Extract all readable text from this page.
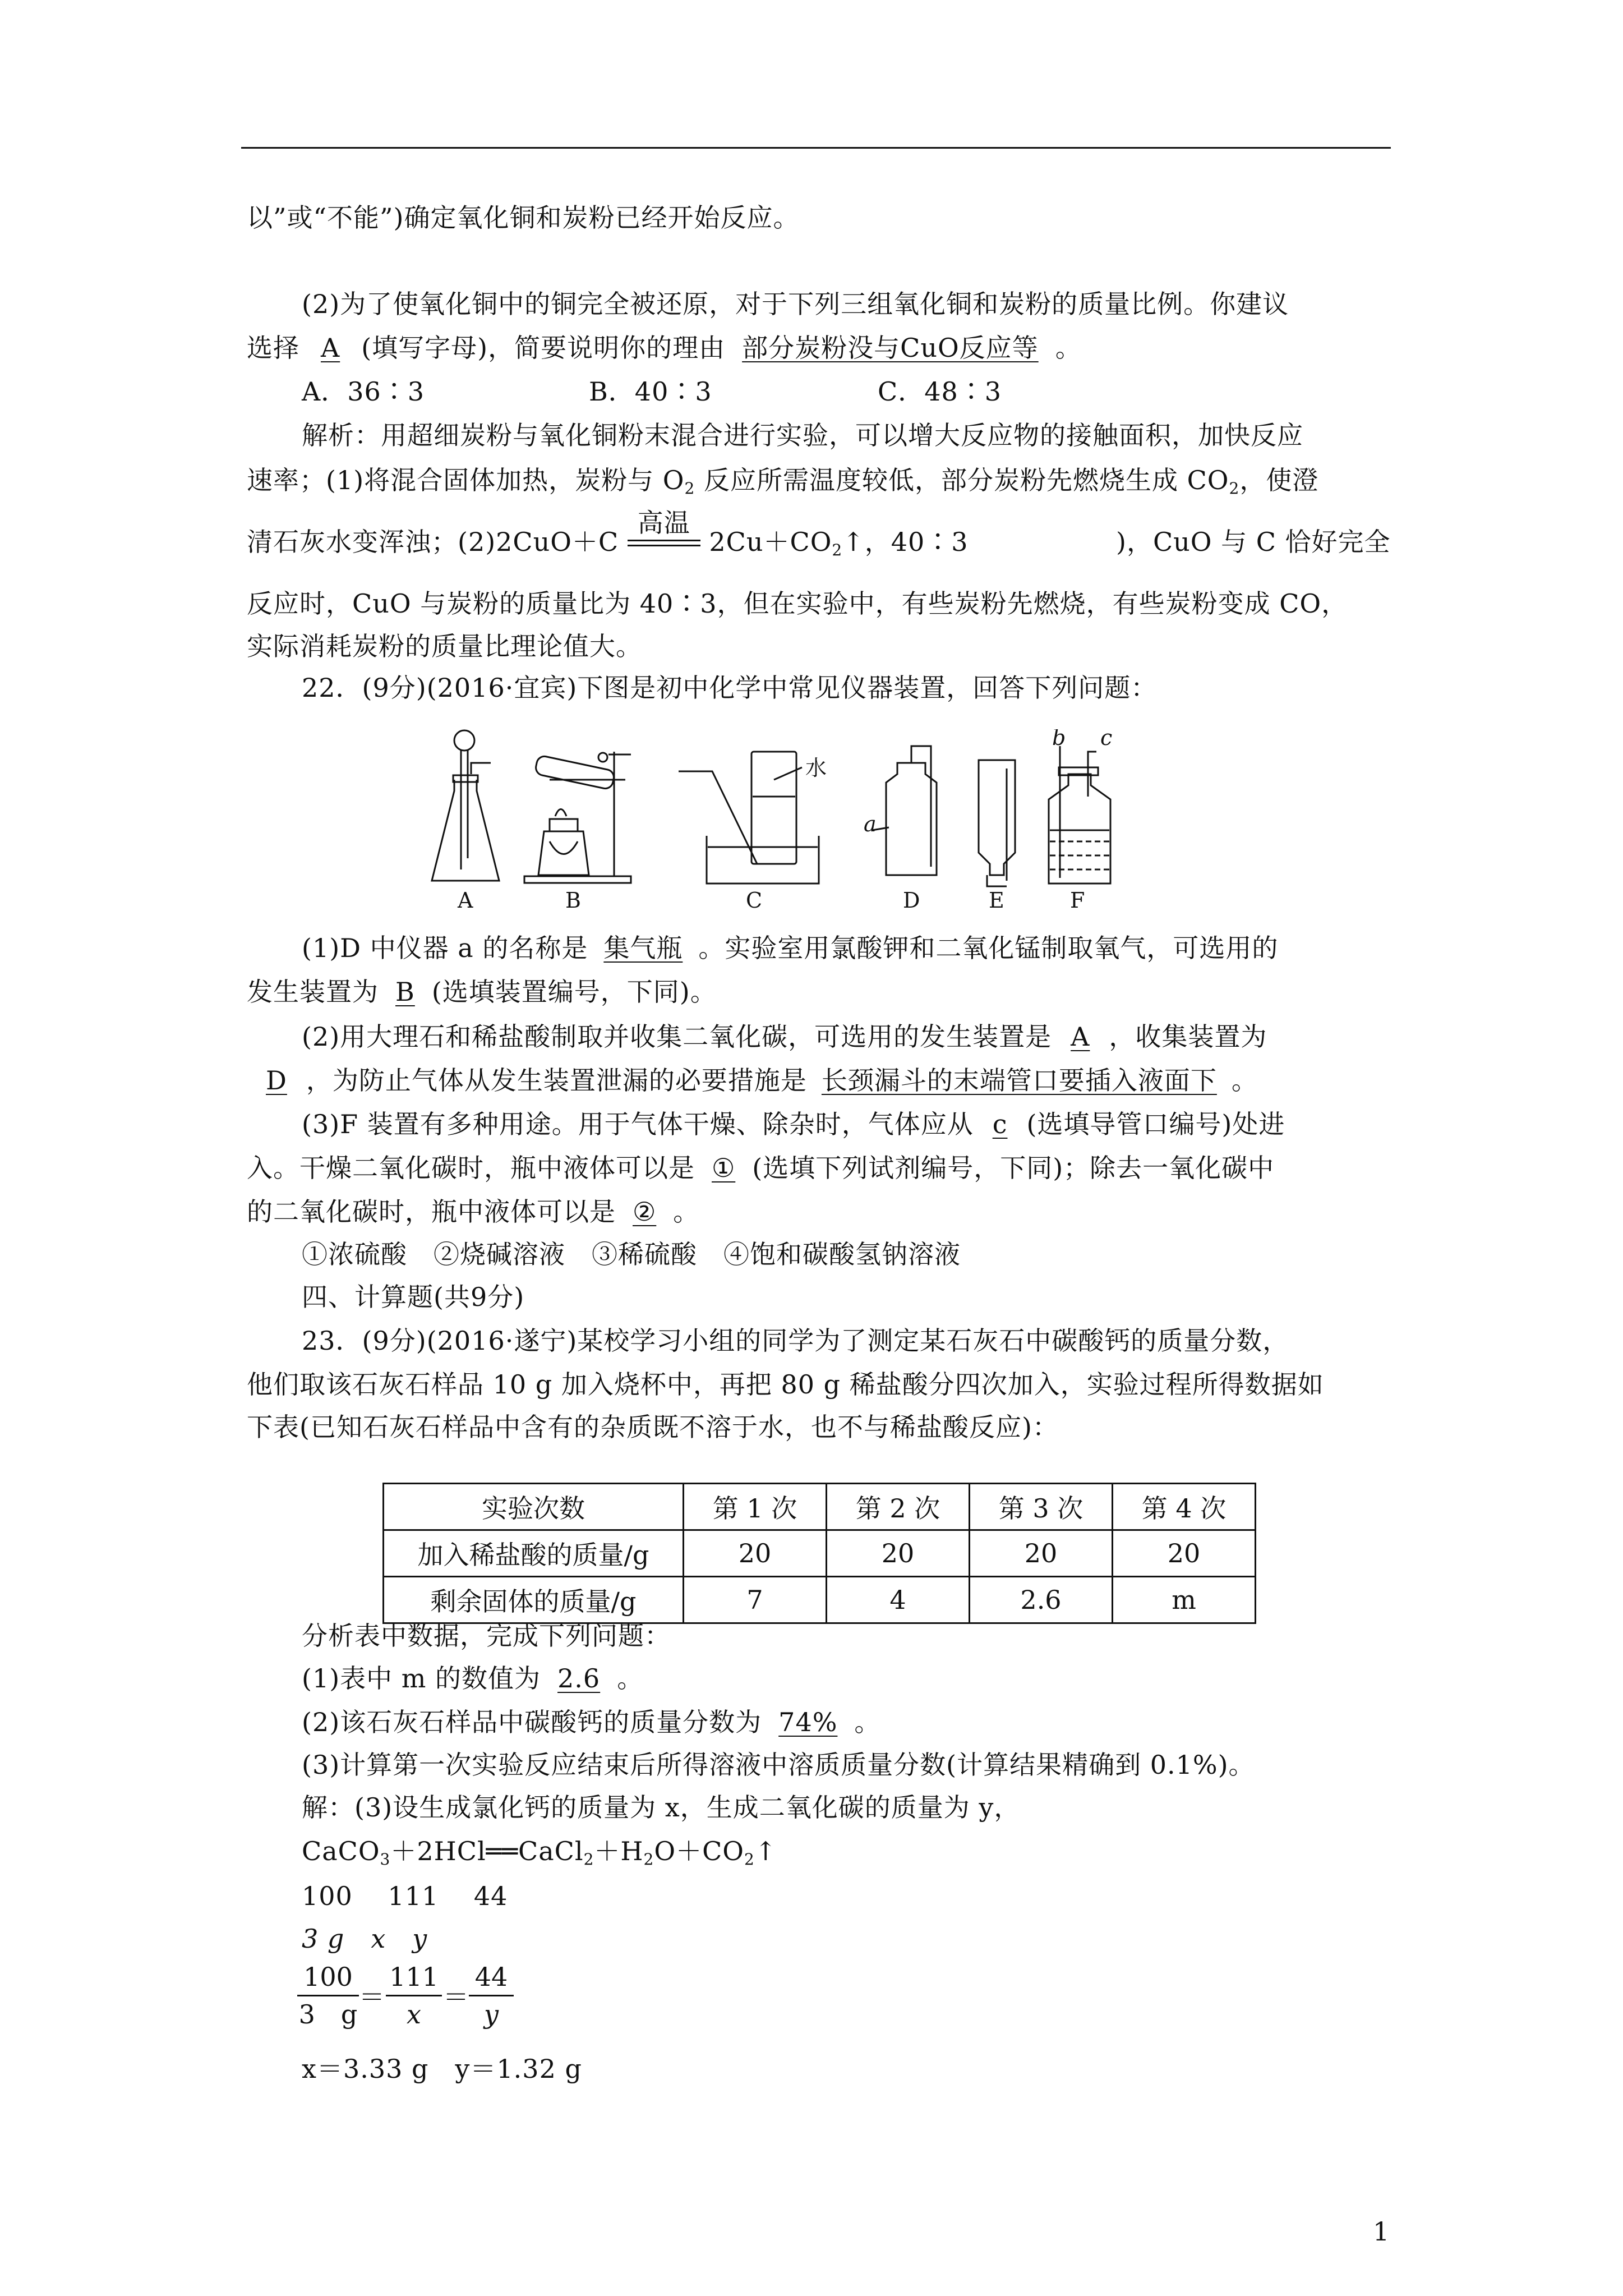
以”或“不能”)确定氧化铜和炭粉已经开始反应。
(2)为了使氧化铜中的铜完全被还原，对于下列三组氧化铜和炭粉的质量比例。你建议
选择 A (填写字母)，简要说明你的理由 部分炭粉没与CuO反应等 。
A．36∶3	B．40∶3	C．48∶3
解析：用超细炭粉与氧化铜粉末混合进行实验，可以增大反应物的接触面积，加快反应
速率；(1)将混合固体加热，炭粉与 $O_2$ 反应所需温度较低，部分炭粉先燃烧生成 $CO_2$，使澄
清石灰水变浑浊；(2)2CuO＋C
高温
$2Cu+CO_2↑$，40∶3	)，CuO 与 C 恰好完全
反应时，CuO 与炭粉的质量比为 40∶3，但在实验中，有些炭粉先燃烧，有些炭粉变成 CO，
实际消耗炭粉的质量比理论值大。
22．(9分)(2016·宜宾)下图是初中化学中常见仪器装置，回答下列问题：
A	B	C	D	E	F
水
a
b c
(1)D 中仪器 a 的名称是 集气瓶 。实验室用氯酸钾和二氧化锰制取氧气，可选用的
发生装置为 B (选填装置编号，下同)。
(2)用大理石和稀盐酸制取并收集二氧化碳，可选用的发生装置是 A ，收集装置为
D ，为防止气体从发生装置泄漏的必要措施是 长颈漏斗的末端管口要插入液面下 。
(3)F 装置有多种用途。用于气体干燥、除杂时，气体应从 c (选填导管口编号)处进
入。干燥二氧化碳时，瓶中液体可以是 ① (选填下列试剂编号，下同)；除去一氧化碳中
的二氧化碳时，瓶中液体可以是 ② 。
①浓硫酸　②烧碱溶液　③稀硫酸　④饱和碳酸氢钠溶液
四、计算题(共9分)
23．(9分)(2016·遂宁)某校学习小组的同学为了测定某石灰石中碳酸钙的质量分数，
他们取该石灰石样品 10 g 加入烧杯中，再把 80 g 稀盐酸分四次加入，实验过程所得数据如
下表(已知石灰石样品中含有的杂质既不溶于水，也不与稀盐酸反应)：
实验次数	第 1 次	第 2 次	第 3 次	第 4 次
加入稀盐酸的质量/g	20	20	20	20
剩余固体的质量/g	7	4	2.6	m
分析表中数据，完成下列问题：
(1)表中 m 的数值为 2.6 。
(2)该石灰石样品中碳酸钙的质量分数为 74% 。
(3)计算第一次实验反应结束后所得溶液中溶质质量分数(计算结果精确到 0.1%)。
解：(3)设生成氯化钙的质量为 x，生成二氧化碳的质量为 y，
$CaCO_3+2HCl══CaCl_2+H_2O+CO_2↑$
100　 111　 44
3 g　x　y
$\frac{100}{3 g} = \frac{111}{x} = \frac{44}{y}$
x＝3.33 g　y＝1.32 g
1
